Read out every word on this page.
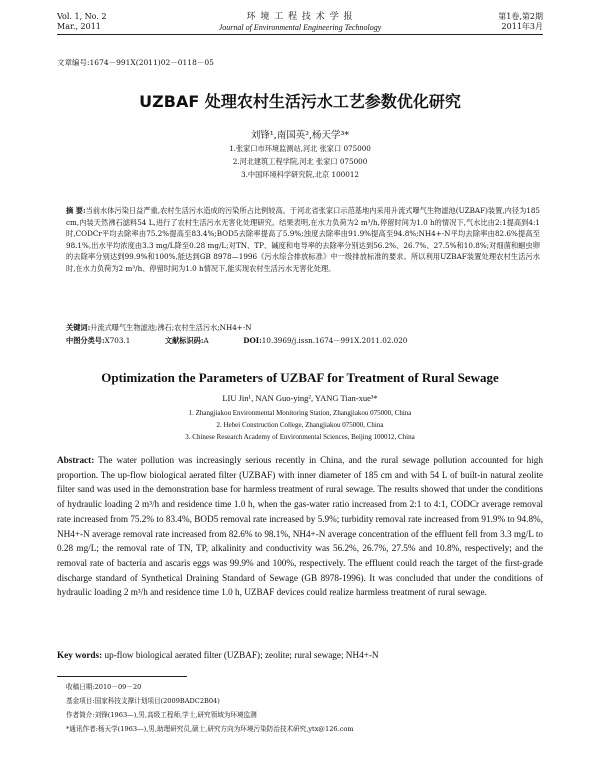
Vol. 1, No. 2
Mar., 2011
环 境 工 程 技 术 学 报
Journal of Environmental Engineering Technology
第1卷,第2期
2011年3月
文章编号:1674－991X(2011)02－0118－05
UZBAF 处理农村生活污水工艺参数优化研究
刘锋¹,南国英²,杨天学³*
1.张家口市环境监测站,河北 张家口 075000
2.河北建筑工程学院,河北 张家口 075000
3.中国环境科学研究院,北京 100012
摘 要:当前水体污染日益严重,农村生活污水造成的污染所占比例较高。于河北省张家口示范基地内采用升流式曝气生物滤池(UZBAF)装置,内径为185 cm,内装天然沸石滤料54 L,进行了农村生活污水无害化处理研究。结果表明,在水力负荷为2 m³/h,停留时间为1.0 h的情况下,气水比由2:1提高到4:1时,CODCr平均去除率由75.2%提高至83.4%;BOD5去除率提高了5.9%;浊度去除率由91.9%提高至94.8%;NH4+-N平均去除率由82.6%提高至98.1%,出水平均浓度由3.3 mg/L降至0.28 mg/L;对TN、TP、碱度和电导率的去除率分别达到56.2%、26.7%、27.5%和10.8%;对细菌和蛔虫卵的去除率分别达到99.9%和100%,能达到GB 8978—1996《污水综合排放标准》中一级排放标准的要求。所以利用UZBAF装置处理农村生活污水时,在水力负荷为2 m³/h、停留时间为1.0 h情况下,能实现农村生活污水无害化处理。
关键词:升流式曝气生物滤池;沸石;农村生活污水;NH4+-N
中图分类号:X703.1	文献标识码:A	DOI:10.3969/j.issn.1674－991X.2011.02.020
Optimization the Parameters of UZBAF for Treatment of Rural Sewage
LIU Jin¹, NAN Guo-ying², YANG Tian-xue³*
1. Zhangjiakou Environmental Monitoring Station, Zhangjiakou 075000, China
2. Hebei Construction College, Zhangjiakou 075000, China
3. Chinese Research Academy of Environmental Sciences, Beijing 100012, China
Abstract: The water pollution was increasingly serious recently in China, and the rural sewage pollution accounted for high proportion. The up-flow biological aerated filter (UZBAF) with inner diameter of 185 cm and with 54 L of built-in natural zeolite filter sand was used in the demonstration base for harmless treatment of rural sewage. The results showed that under the conditions of hydraulic loading 2 m³/h and residence time 1.0 h, when the gas-water ratio increased from 2:1 to 4:1, CODCr average removal rate increased from 75.2% to 83.4%, BOD5 removal rate increased by 5.9%; turbidity removal rate increased from 91.9% to 94.8%, NH4+-N average removal rate increased from 82.6% to 98.1%, NH4+-N average concentration of the effluent fell from 3.3 mg/L to 0.28 mg/L; the removal rate of TN, TP, alkalinity and conductivity was 56.2%, 26.7%, 27.5% and 10.8%, respectively; and the removal rate of bacteria and ascaris eggs was 99.9% and 100%, respectively. The effluent could reach the target of the first-grade discharge standard of Synthetical Draining Standard of Sewage (GB 8978-1996). It was concluded that under the conditions of hydraulic loading 2 m³/h and residence time 1.0 h, UZBAF devices could realize harmless treatment of rural sewage.
Key words: up-flow biological aerated filter (UZBAF); zeolite; rural sewage; NH4+-N
收稿日期:2010－09－20
基金项目:国家科技支撑计划项目(2009BADC2B04)
作者简介:刘锋(1963—),男,高级工程师,学士,研究领域为环境监测
*通讯作者:杨天学(1963—),男,助理研究员,硕士,研究方向为环境污染防治技术研究,ytx@126.com
